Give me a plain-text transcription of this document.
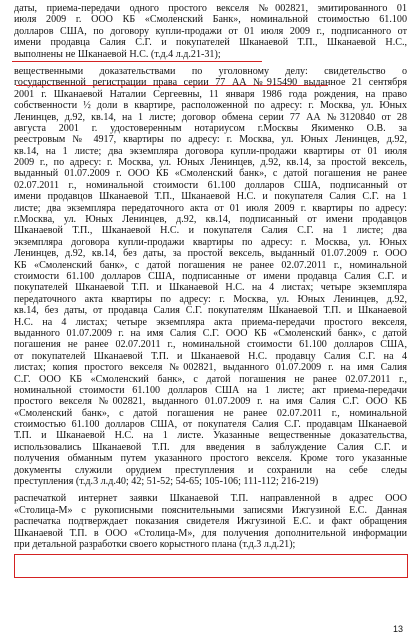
даты, приема-передачи одного простого векселя №002821, эмитированного 01
июля 2009 г. ООО КБ «Смоленский Банк», номинальной стоимостью 61.100
долларов США, по договору купли-продажи от 01 июля 2009 г., подписанного от
имени продавца Салия С.Г. и покупателей Шканаевой Т.П., Шканаевой Н.С.,
выполнены не Шканаевой Н.С. (т.д.4 л.д.21-31);
вещественными доказательствами по уголовному делу: свидетельство о
государственной регистрации права серии 77 АА №915490 выданное 21 сентября
2001 г. Шканаевой Наталии Сергеевны, 11 января 1986 года рождения, на право
собственности ½ доли в квартире, расположенной по адресу: г. Москва, ул. Юных
Ленинцев, д.92, кв.14, на 1 листе; договор обмена серии 77 АА №3120840 от 28
августа 2001 г. удостоверенным нотариусом г.Москвы Якименко О.В. за
реестровым № 4917, квартиры по адресу: г. Москва, ул. Юных Ленинцев, д.92,
кв.14, на 1 листе; два экземпляра договора купли-продажи квартиры от 01 июля
2009 г., по адресу: г. Москва, ул. Юных Ленинцев, д.92, кв.14, за простой вексель,
выданный 01.07.2009 г. ООО КБ «Смоленский банк», с датой погашения не ранее
02.07.2011 г., номинальной стоимости 61.100 долларов США, подписанный от
имени продавцов Шканаевой Т.П., Шканаевой Н.С. и покупателя Салия С.Г. на 1
листе; два экземпляра передаточного акта от 01 июля 2009 г. квартиры по адресу:
г.Москва, ул. Юных Ленинцев, д.92, кв.14, подписанный от имени продавцов
Шканаевой Т.П., Шканаевой Н.С. и покупателя Салия С.Г. на 1 листе; два
экземпляра договора купли-продажи квартиры по адресу: г. Москва, ул. Юных
Ленинцев, д.92, кв.14, без даты, за простой вексель, выданный 01.07.2009 г. ООО
КБ «Смоленский банк», с датой погашения не ранее 02.07.2011 г., номинальной
стоимости 61.100 долларов США, подписанные от имени продавца Салия С.Г. и
покупателей Шканаевой Т.П. и Шканаевой Н.С. на 4 листах; четыре экземпляра
передаточного акта квартиры по адресу: г. Москва, ул. Юных Ленинцев, д.92,
кв.14, без даты, от продавца Салия С.Г. покупателям Шканаевой Т.П. и Шканаевой
Н.С. на 4 листах; четыре экземпляра акта приема-передачи простого векселя,
выданного 01.07.2009 г. на имя Салия С.Г. ООО КБ «Смоленский банк», с датой
погашения не ранее 02.07.2011 г., номинальной стоимости 61.100 долларов США,
от покупателей Шканаевой Т.П. и Шканаевой Н.С. продавцу Салия С.Г. на 4
листах; копия простого векселя №002821, выданного 01.07.2009 г. на имя Салия
С.Г. ООО КБ «Смоленский банк», с датой погашения не ранее 02.07.2011 г.,
номинальной стоимости 61.100 долларов США на 1 листе; акт приема-передачи
простого векселя №002821, выданного 01.07.2009 г. на имя Салия С.Г. ООО КБ
«Смоленский банк», с датой погашения не ранее 02.07.2011 г., номинальной
стоимостью 61.100 долларов США, от покупателя Салия С.Г. продавцам Шканаевой
Т.П. и Шканаевой Н.С. на 1 листе. Указанные вещественные доказательства,
использовались Шканаевой Т.П. для введения в заблуждение Салия С.Г. и
получения обманным путем указанного простого векселя. Кроме того указанные
документы служили орудием преступления и сохранили на себе следы
преступления (т.д.3 л.д.40; 42; 51-52; 54-65; 105-106; 111-112; 216-219)
распечаткой интернет заявки Шканаевой Т.П. направленной в адрес ООО
«Столица-М» с рукописными пояснительными записями Ижгузиной Е.С. Данная
распечатка подтверждает показания свидетеля Ижгузиной Е.С. и факт обращения
Шканаевой Т.П. в ООО «Столица-М», для получения дополнительной информации
при детальной разработки своего корыстного плана (т.д.3 л.д.21);
13
